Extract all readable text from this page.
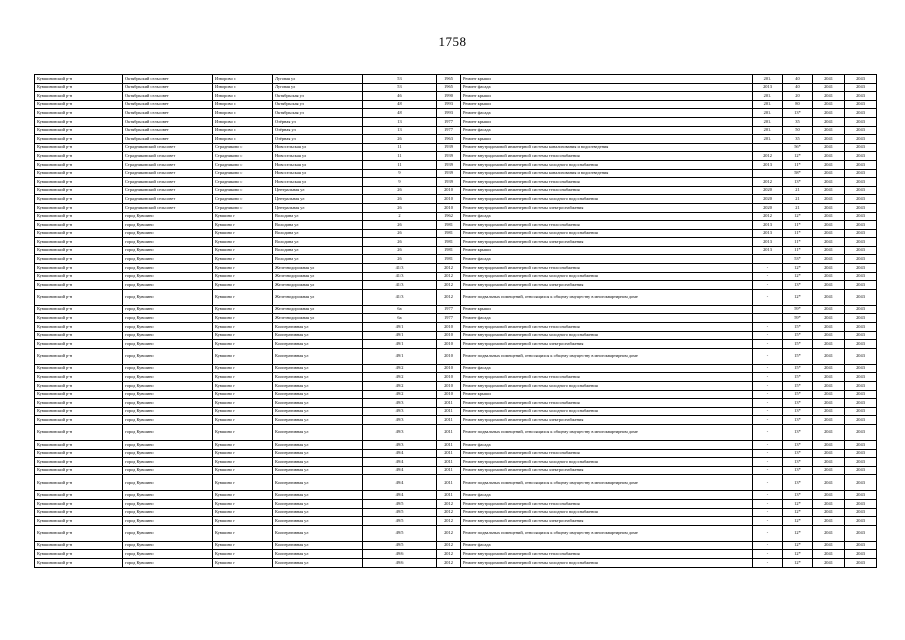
1758
Кувшиновский р-н	Октябрьский сельсовет	Изворово с	Луговая ул	53	1965	Ремонт крыши	201.	40	2041	2043
Кувшиновский р-н	Октябрьский сельсовет	Изворово с	Луговая ул	53	1965	Ремонт фасада	2013	40	2041	2043
Кувшиновский р-н	Октябрьский сельсовет	Изворово с	Октябрьская ул	46	1990	Ремонт крыши	201.	20	2041	2043
Кувшиновский р-н	Октябрьский сельсовет	Изворово с	Октябрьская ул	48	1993	Ремонт крыши	201.	80	2041	2043
Кувшиновский р-н	Октябрьский сельсовет	Изворово с	Октябрьская ул	48	1993	Ремонт фасада	201.	13*	2041	2043
Кувшиновский р-н	Октябрьский сельсовет	Изворово с	Озёрная ул	13	1977	Ремонт крыши	201.	35	2041	2043
Кувшиновский р-н	Октябрьский сельсовет	Изворово с	Озёрная ул	13	1977	Ремонт фасада	201.	50	2041	2043
Кувшиновский р-н	Октябрьский сельсовет	Изворово с	Озёрная ул	26	1963	Ремонт крыши	201.	35	2041	2043
Кувшиновский р-н	Страдниковский сельсовет	Страдниково с	Новосельская ул	11	1939	Ремонт внутридомовой инженерной системы канализования и водоотведения		56*	2041	2043
Кувшиновский р-н	Страдниковский сельсовет	Страдниково с	Новосельская ул	11	1939	Ремонт внутридомовой инженерной системы теплоснабжения	2012	12*	2041	2043
Кувшиновский р-н	Страдниковский сельсовет	Страдниково с	Новосельская ул	11	1939	Ремонт внутридомовой инженерной системы холодного водоснабжения	2013	11*	2041	2043
Кувшиновский р-н	Страдниковский сельсовет	Страдниково с	Новосельская ул	9	1939	Ремонт внутридомовой инженерной системы канализования и водоотведения		58*	2041	2043
Кувшиновский р-н	Страдниковский сельсовет	Страдниково с	Новосельская ул	9	1939	Ремонт внутридомовой инженерной системы теплоснабжения	2012	13*	2041	2043
Кувшиновский р-н	Страдниковский сельсовет	Страдниково с	Центральная ул	26	2010	Ремонт внутридомовой инженерной системы теплоснабжения	2020	21	2041	2043
Кувшиновский р-н	Страдниковский сельсовет	Страдниково с	Центральная ул	26	2010	Ремонт внутридомовой инженерной системы холодного водоснабжения	2020	21	2041	2043
Кувшиновский р-н	Страдниковский сельсовет	Страдниково с	Центральная ул	26	2010	Ремонт внутридомовой инженерной системы электроснабжения	2020	21	2041	2043
Кувшиновский р-н	город Кувшино	Кувшино г	Володина ул	2	1962	Ремонт фасада	2012	12*	2041	2043
Кувшиновский р-н	город Кувшино	Кувшино г	Володина ул	26	1981	Ремонт внутридомовой инженерной системы теплоснабжения	2013	11*	2041	2043
Кувшиновский р-н	город Кувшино	Кувшино г	Володина ул	26	1981	Ремонт внутридомовой инженерной системы холодного водоснабжения	2013	11*	2041	2043
Кувшиновский р-н	город Кувшино	Кувшино г	Володина ул	26	1981	Ремонт внутридомовой инженерной системы электроснабжения	2013	11*	2041	2043
Кувшиновский р-н	город Кувшино	Кувшино г	Володина ул	26	1981	Ремонт крыши	2013	11*	2041	2043
Кувшиновский р-н	город Кувшино	Кувшино г	Володина ул	26	1981	Ремонт фасада		53*	2041	2043
Кувшиновский р-н	город Кувшино	Кувшино г	Железнодорожная ул	41/3	2012	Ремонт внутридомовой инженерной системы теплоснабжения	-	12*	2041	2043
Кувшиновский р-н	город Кувшино	Кувшино г	Железнодорожная ул	41/3	2012	Ремонт внутридомовой инженерной системы холодного водоснабжения	-	12*	2041	2043
Кувшиновский р-н	город Кувшино	Кувшино г	Железнодорожная ул	41/3	2012	Ремонт внутридомовой инженерной системы электроснабжения	-	13*	2041	2043
Кувшиновский р-н	город Кувшино	Кувшино г	Железнодорожная ул	41/3	2012	Ремонт подвальных помещений, относящихся к общему имуществу в многоквартирном доме	-	12*	2041	2043
Кувшиновский р-н	город Кувшино	Кувшино г	Железнодорожная ул	6а	1977	Ремонт крыши		59*	2041	2043
Кувшиновский р-н	город Кувшино	Кувшино г	Железнодорожная ул	6а	1977	Ремонт фасада		59*	2041	2043
Кувшиновский р-н	город Кувшино	Кувшино г	Кооперативная ул	49/1	2010	Ремонт внутридомовой инженерной системы теплоснабжения	-	15*	2041	2043
Кувшиновский р-н	город Кувшино	Кувшино г	Кооперативная ул	49/1	2010	Ремонт внутридомовой инженерной системы холодного водоснабжения	-	15*	2041	2043
Кувшиновский р-н	город Кувшино	Кувшино г	Кооперативная ул	49/1	2010	Ремонт внутридомовой инженерной системы электроснабжения	-	15*	2041	2043
Кувшиновский р-н	город Кувшино	Кувшино г	Кооперативная ул	49/1	2010	Ремонт подвальных помещений, относящихся к общему имуществу в многоквартирном доме	-	15*	2041	2043
Кувшиновский р-н	город Кувшино	Кувшино г	Кооперативная ул	49/2	2010	Ремонт фасада	-	15*	2041	2043
Кувшиновский р-н	город Кувшино	Кувшино г	Кооперативная ул	49/2	2010	Ремонт внутридомовой инженерной системы теплоснабжения	-	15*	2041	2043
Кувшиновский р-н	город Кувшино	Кувшино г	Кооперативная ул	49/2	2010	Ремонт внутридомовой инженерной системы холодного водоснабжения	-	15*	2041	2043
Кувшиновский р-н	город Кувшино	Кувшино г	Кооперативная ул	49/2	2010	Ремонт крыши	-	15*	2041	2043
Кувшиновский р-н	город Кувшино	Кувшино г	Кооперативная ул	49/3	2011	Ремонт внутридомовой инженерной системы теплоснабжения	-	13*	2041	2043
Кувшиновский р-н	город Кувшино	Кувшино г	Кооперативная ул	49/3	2011	Ремонт внутридомовой инженерной системы холодного водоснабжения	-	13*	2041	2043
Кувшиновский р-н	город Кувшино	Кувшино г	Кооперативная ул	49/3	2011	Ремонт внутридомовой инженерной системы электроснабжения	-	13*	2041	2043
Кувшиновский р-н	город Кувшино	Кувшино г	Кооперативная ул	49/3	2011	Ремонт подвальных помещений, относящихся к общему имуществу в многоквартирном доме	-	13*	2041	2043
Кувшиновский р-н	город Кувшино	Кувшино г	Кооперативная ул	49/3	2011	Ремонт фасада	-	13*	2041	2043
Кувшиновский р-н	город Кувшино	Кувшино г	Кооперативная ул	49/4	2011	Ремонт внутридомовой инженерной системы теплоснабжения	-	13*	2041	2043
Кувшиновский р-н	город Кувшино	Кувшино г	Кооперативная ул	49/4	2011	Ремонт внутридомовой инженерной системы холодного водоснабжения	-	13*	2041	2043
Кувшиновский р-н	город Кувшино	Кувшино г	Кооперативная ул	49/4	2011	Ремонт внутридомовой инженерной системы электроснабжения	-	13*	2041	2043
Кувшиновский р-н	город Кувшино	Кувшино г	Кооперативная ул	49/4	2011	Ремонт подвальных помещений, относящихся к общему имуществу в многоквартирном доме	-	13*	2041	2043
Кувшиновский р-н	город Кувшино	Кувшино г	Кооперативная ул	49/4	2011	Ремонт фасада	-	13*	2041	2043
Кувшиновский р-н	город Кувшино	Кувшино г	Кооперативная ул	49/5	2012	Ремонт внутридомовой инженерной системы теплоснабжения	-	12*	2041	2043
Кувшиновский р-н	город Кувшино	Кувшино г	Кооперативная ул	49/5	2012	Ремонт внутридомовой инженерной системы холодного водоснабжения	-	12*	2041	2043
Кувшиновский р-н	город Кувшино	Кувшино г	Кооперативная ул	49/5	2012	Ремонт внутридомовой инженерной системы электроснабжения	-	12*	2041	2043
Кувшиновский р-н	город Кувшино	Кувшино г	Кооперативная ул	49/5	2012	Ремонт подвальных помещений, относящихся к общему имуществу в многоквартирном доме	-	12*	2041	2043
Кувшиновский р-н	город Кувшино	Кувшино г	Кооперативная ул	49/5	2012	Ремонт фасада	-	12*	2041	2043
Кувшиновский р-н	город Кувшино	Кувшино г	Кооперативная ул	49/6	2012	Ремонт внутридомовой инженерной системы теплоснабжения	-	12*	2041	2043
Кувшиновский р-н	город Кувшино	Кувшино г	Кооперативная ул	49/6	2012	Ремонт внутридомовой инженерной системы холодного водоснабжения	-	12*	2041	2043
